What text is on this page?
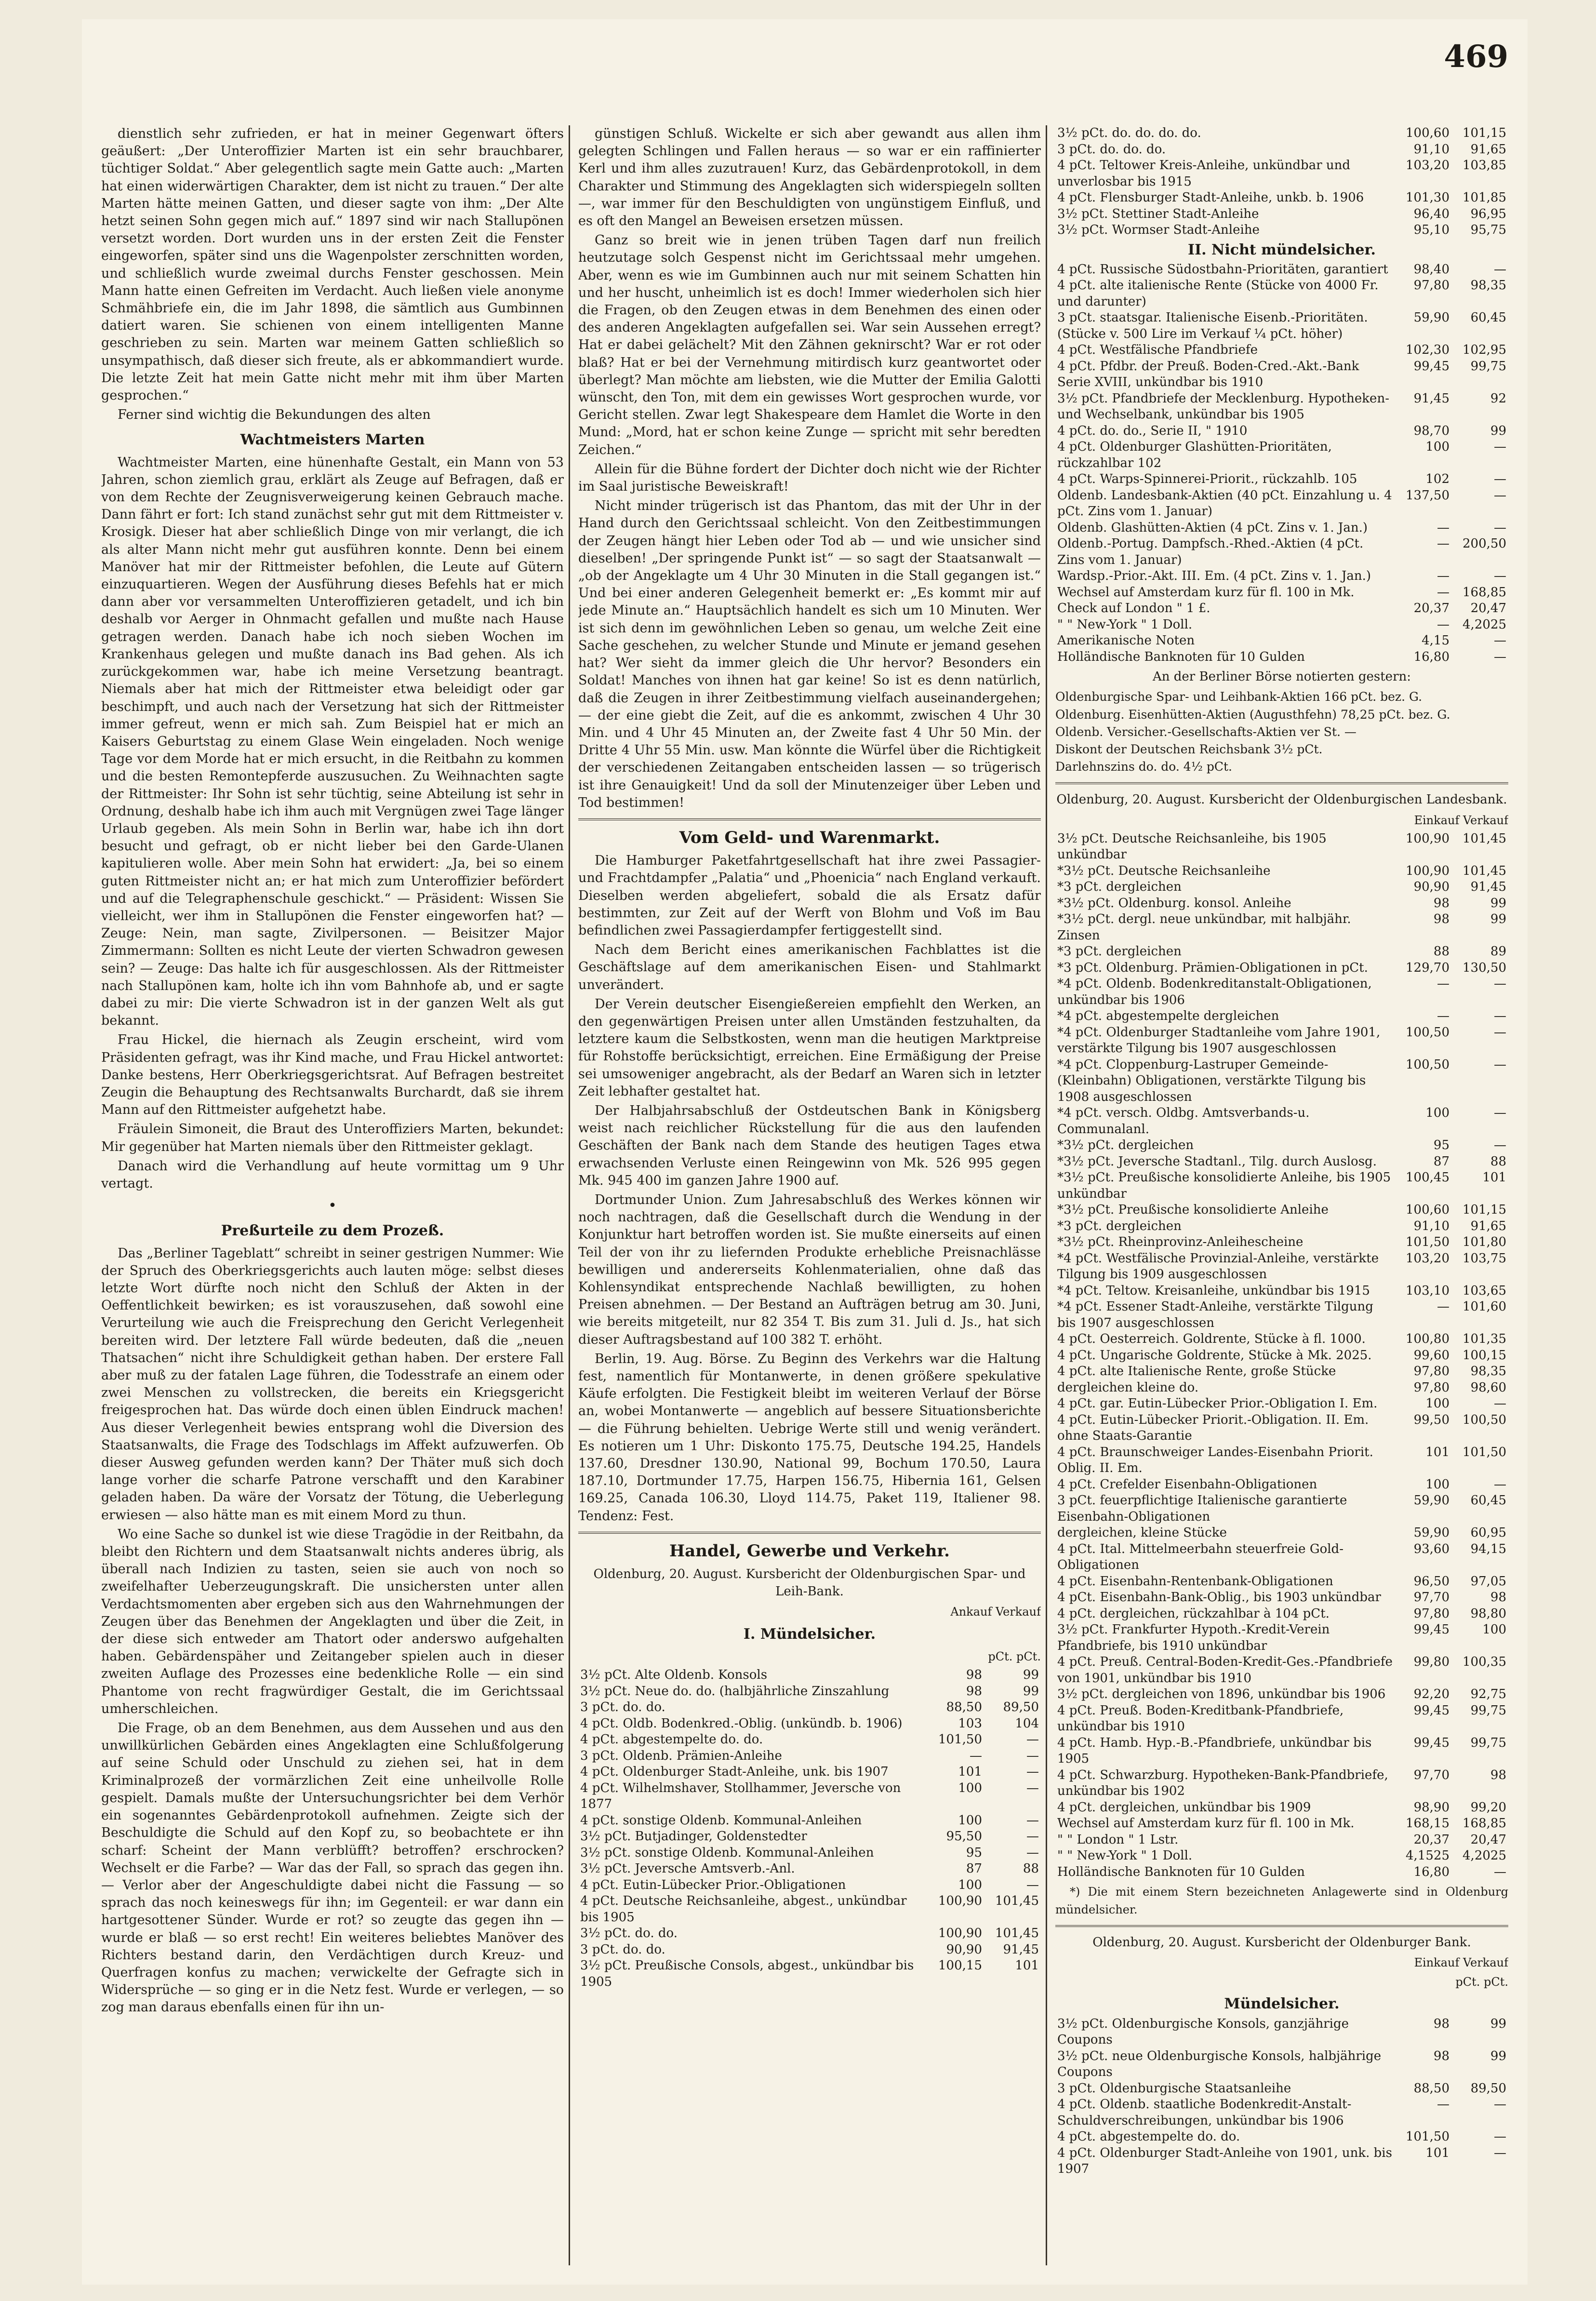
469

dienstlich sehr zufrieden, er hat in meiner Gegenwart öfters geäußert: „Der Unteroffizier Marten ist ein sehr brauchbarer, tüchtiger Soldat.“ Aber gelegentlich sagte mein Gatte auch: „Marten hat einen widerwärtigen Charakter, dem ist nicht zu trauen.“ Der alte Marten hätte meinen Gatten, und dieser sagte von ihm: „Der Alte hetzt seinen Sohn gegen mich auf.“ 1897 sind wir nach Stallupönen versetzt worden. Dort wurden uns in der ersten Zeit die Fenster eingeworfen, später sind uns die Wagenpolster zerschnitten worden, und schließlich wurde zweimal durchs Fenster geschossen. Mein Mann hatte einen Gefreiten im Verdacht. Auch ließen viele anonyme Schmähbriefe ein, die im Jahr 1898, die sämtlich aus Gumbinnen datiert waren. Sie schienen von einem intelligenten Manne geschrieben zu sein. Marten war meinem Gatten schließlich so unsympathisch, daß dieser sich freute, als er abkommandiert wurde. Die letzte Zeit hat mein Gatte nicht mehr mit ihm über Marten gesprochen.“

Ferner sind wichtig die Bekundungen des alten

Wachtmeisters Marten

Wachtmeister Marten, eine hünenhafte Gestalt, ein Mann von 53 Jahren, schon ziemlich grau, erklärt als Zeuge auf Befragen, daß er von dem Rechte der Zeugnisverweigerung keinen Gebrauch mache. Dann fährt er fort: Ich stand zunächst sehr gut mit dem Rittmeister v. Krosigk. Dieser hat aber schließlich Dinge von mir verlangt, die ich als alter Mann nicht mehr gut ausführen konnte. Denn bei einem Manöver hat mir der Rittmeister befohlen, die Leute auf Gütern einzuquartieren. Wegen der Ausführung dieses Befehls hat er mich dann aber vor versammelten Unteroffizieren getadelt, und ich bin deshalb vor Aerger in Ohnmacht gefallen und mußte nach Hause getragen werden. Danach habe ich noch sieben Wochen im Krankenhaus gelegen und mußte danach ins Bad gehen. Als ich zurückgekommen war, habe ich meine Versetzung beantragt. Niemals aber hat mich der Rittmeister etwa beleidigt oder gar beschimpft, und auch nach der Versetzung hat sich der Rittmeister immer gefreut, wenn er mich sah. Zum Beispiel hat er mich an Kaisers Geburtstag zu einem Glase Wein eingeladen. Noch wenige Tage vor dem Morde hat er mich ersucht, in die Reitbahn zu kommen und die besten Remontepferde auszusuchen. Zu Weihnachten sagte der Rittmeister: Ihr Sohn ist sehr tüchtig, seine Abteilung ist sehr in Ordnung, deshalb habe ich ihm auch mit Vergnügen zwei Tage länger Urlaub gegeben. Als mein Sohn in Berlin war, habe ich ihn dort besucht und gefragt, ob er nicht lieber bei den Garde-Ulanen kapitulieren wolle. Aber mein Sohn hat erwidert: „Ja, bei so einem guten Rittmeister nicht an; er hat mich zum Unteroffizier befördert und auf die Telegraphenschule geschickt.“ — Präsident: Wissen Sie vielleicht, wer ihm in Stallupönen die Fenster eingeworfen hat? — Zeuge: Nein, man sagte, Zivilpersonen. — Beisitzer Major Zimmermann: Sollten es nicht Leute der vierten Schwadron gewesen sein? — Zeuge: Das halte ich für ausgeschlossen. Als der Rittmeister nach Stallupönen kam, holte ich ihn vom Bahnhofe ab, und er sagte dabei zu mir: Die vierte Schwadron ist in der ganzen Welt als gut bekannt.

Frau Hickel, die hiernach als Zeugin erscheint, wird vom Präsidenten gefragt, was ihr Kind mache, und Frau Hickel antwortet: Danke bestens, Herr Oberkriegsgerichtsrat. Auf Befragen bestreitet Zeugin die Behauptung des Rechtsanwalts Burchardt, daß sie ihrem Mann auf den Rittmeister aufgehetzt habe.

Fräulein Simoneit, die Braut des Unteroffiziers Marten, bekundet: Mir gegenüber hat Marten niemals über den Rittmeister geklagt.

Danach wird die Verhandlung auf heute vormittag um 9 Uhr vertagt.

•
Preßurteile zu dem Prozeß.

Das „Berliner Tageblatt“ schreibt in seiner gestrigen Nummer: Wie der Spruch des Oberkriegsgerichts auch lauten möge: selbst dieses letzte Wort dürfte noch nicht den Schluß der Akten in der Oeffentlichkeit bewirken; es ist vorauszusehen, daß sowohl eine Verurteilung wie auch die Freisprechung den Gericht Verlegenheit bereiten wird. Der letztere Fall würde bedeuten, daß die „neuen Thatsachen“ nicht ihre Schuldigkeit gethan haben. Der erstere Fall aber muß zu der fatalen Lage führen, die Todesstrafe an einem oder zwei Menschen zu vollstrecken, die bereits ein Kriegsgericht freigesprochen hat. Das würde doch einen üblen Eindruck machen! Aus dieser Verlegenheit bewies entsprang wohl die Diversion des Staatsanwalts, die Frage des Todschlags im Affekt aufzuwerfen. Ob dieser Ausweg gefunden werden kann? Der Thäter muß sich doch lange vorher die scharfe Patrone verschafft und den Karabiner geladen haben. Da wäre der Vorsatz der Tötung, die Ueberlegung erwiesen — also hätte man es mit einem Mord zu thun.

Wo eine Sache so dunkel ist wie diese Tragödie in der Reitbahn, da bleibt den Richtern und dem Staatsanwalt nichts anderes übrig, als überall nach Indizien zu tasten, seien sie auch von noch so zweifelhafter Ueberzeugungskraft. Die unsichersten unter allen Verdachtsmomenten aber ergeben sich aus den Wahrnehmungen der Zeugen über das Benehmen der Angeklagten und über die Zeit, in der diese sich entweder am Thatort oder anderswo aufgehalten haben. Gebärdenspäher und Zeitangeber spielen auch in dieser zweiten Auflage des Prozesses eine bedenkliche Rolle — ein sind Phantome von recht fragwürdiger Gestalt, die im Gerichtssaal umherschleichen.

Die Frage, ob an dem Benehmen, aus dem Aussehen und aus den unwillkürlichen Gebärden eines Angeklagten eine Schlußfolgerung auf seine Schuld oder Unschuld zu ziehen sei, hat in dem Kriminalprozeß der vormärzlichen Zeit eine unheilvolle Rolle gespielt. Damals mußte der Untersuchungsrichter bei dem Verhör ein sogenanntes Gebärdenprotokoll aufnehmen. Zeigte sich der Beschuldigte die Schuld auf den Kopf zu, so beobachtete er ihn scharf: Scheint der Mann verblüfft? betroffen? erschrocken? Wechselt er die Farbe? — War das der Fall, so sprach das gegen ihn. — Verlor aber der Angeschuldigte dabei nicht die Fassung — so sprach das noch keineswegs für ihn; im Gegenteil: er war dann ein hartgesottener Sünder. Wurde er rot? so zeugte das gegen ihn — wurde er blaß — so erst recht! Ein weiteres beliebtes Manöver des Richters bestand darin, den Verdächtigen durch Kreuz- und Querfragen konfus zu machen; verwickelte der Gefragte sich in Widersprüche — so ging er in die Netz fest. Wurde er verlegen, — so zog man daraus ebenfalls einen für ihn un-

günstigen Schluß. Wickelte er sich aber gewandt aus allen ihm gelegten Schlingen und Fallen heraus — so war er ein raffinierter Kerl und ihm alles zuzutrauen! Kurz, das Gebärdenprotokoll, in dem Charakter und Stimmung des Angeklagten sich widerspiegeln sollten —, war immer für den Beschuldigten von ungünstigem Einfluß, und es oft den Mangel an Beweisen ersetzen müssen.

Ganz so breit wie in jenen trüben Tagen darf nun freilich heutzutage solch Gespenst nicht im Gerichtssaal mehr umgehen. Aber, wenn es wie im Gumbinnen auch nur mit seinem Schatten hin und her huscht, unheimlich ist es doch! Immer wiederholen sich hier die Fragen, ob den Zeugen etwas in dem Benehmen des einen oder des anderen Angeklagten aufgefallen sei. War sein Aussehen erregt? Hat er dabei gelächelt? Mit den Zähnen geknirscht? War er rot oder blaß? Hat er bei der Vernehmung mitirdisch kurz geantwortet oder überlegt? Man möchte am liebsten, wie die Mutter der Emilia Galotti wünscht, den Ton, mit dem ein gewisses Wort gesprochen wurde, vor Gericht stellen. Zwar legt Shakespeare dem Hamlet die Worte in den Mund: „Mord, hat er schon keine Zunge — spricht mit sehr beredten Zeichen.“

Allein für die Bühne fordert der Dichter doch nicht wie der Richter im Saal juristische Beweiskraft!

Nicht minder trügerisch ist das Phantom, das mit der Uhr in der Hand durch den Gerichtssaal schleicht. Von den Zeitbestimmungen der Zeugen hängt hier Leben oder Tod ab — und wie unsicher sind dieselben! „Der springende Punkt ist“ — so sagt der Staatsanwalt — „ob der Angeklagte um 4 Uhr 30 Minuten in die Stall gegangen ist.“ Und bei einer anderen Gelegenheit bemerkt er: „Es kommt mir auf jede Minute an.“ Hauptsächlich handelt es sich um 10 Minuten. Wer ist sich denn im gewöhnlichen Leben so genau, um welche Zeit eine Sache geschehen, zu welcher Stunde und Minute er jemand gesehen hat? Wer sieht da immer gleich die Uhr hervor? Besonders ein Soldat! Manches von ihnen hat gar keine! So ist es denn natürlich, daß die Zeugen in ihrer Zeitbestimmung vielfach auseinandergehen; — der eine giebt die Zeit, auf die es ankommt, zwischen 4 Uhr 30 Min. und 4 Uhr 45 Minuten an, der Zweite fast 4 Uhr 50 Min. der Dritte 4 Uhr 55 Min. usw. Man könnte die Würfel über die Richtigkeit der verschiedenen Zeitangaben entscheiden lassen — so trügerisch ist ihre Genauigkeit! Und da soll der Minutenzeiger über Leben und Tod bestimmen!

Vom Geld- und Warenmarkt.

Die Hamburger Paketfahrtgesellschaft hat ihre zwei Passagier- und Frachtdampfer „Palatia“ und „Phoenicia“ nach England verkauft. Dieselben werden abgeliefert, sobald die als Ersatz dafür bestimmten, zur Zeit auf der Werft von Blohm und Voß im Bau befindlichen zwei Passagierdampfer fertiggestellt sind.

Nach dem Bericht eines amerikanischen Fachblattes ist die Geschäftslage auf dem amerikanischen Eisen- und Stahlmarkt unverändert.

Der Verein deutscher Eisengießereien empfiehlt den Werken, an den gegenwärtigen Preisen unter allen Umständen festzuhalten, da letztere kaum die Selbstkosten, wenn man die heutigen Marktpreise für Rohstoffe berücksichtigt, erreichen. Eine Ermäßigung der Preise sei umsoweniger angebracht, als der Bedarf an Waren sich in letzter Zeit lebhafter gestaltet hat.

Der Halbjahrsabschluß der Ostdeutschen Bank in Königsberg weist nach reichlicher Rückstellung für die aus den laufenden Geschäften der Bank nach dem Stande des heutigen Tages etwa erwachsenden Verluste einen Reingewinn von Mk. 526 995 gegen Mk. 945 400 im ganzen Jahre 1900 auf.

Dortmunder Union. Zum Jahresabschluß des Werkes können wir noch nachtragen, daß die Gesellschaft durch die Wendung in der Konjunktur hart betroffen worden ist. Sie mußte einerseits auf einen Teil der von ihr zu liefernden Produkte erhebliche Preisnachlässe bewilligen und andererseits Kohlenmaterialien, ohne daß das Kohlensyndikat entsprechende Nachlaß bewilligten, zu hohen Preisen abnehmen. — Der Bestand an Aufträgen betrug am 30. Juni, wie bereits mitgeteilt, nur 82 354 T. Bis zum 31. Juli d. Js., hat sich dieser Auftragsbestand auf 100 382 T. erhöht.

Berlin, 19. Aug. Börse. Zu Beginn des Verkehrs war die Haltung fest, namentlich für Montanwerte, in denen größere spekulative Käufe erfolgten. Die Festigkeit bleibt im weiteren Verlauf der Börse an, wobei Montanwerte — angeblich auf bessere Situationsberichte — die Führung behielten. Uebrige Werte still und wenig verändert. Es notieren um 1 Uhr: Diskonto 175.75, Deutsche 194.25, Handels 137.60, Dresdner 130.90, National 99, Bochum 170.50, Laura 187.10, Dortmunder 17.75, Harpen 156.75, Hibernia 161, Gelsen 169.25, Canada 106.30, Lloyd 114.75, Paket 119, Italiener 98. Tendenz: Fest.

Handel, Gewerbe und Verkehr.
Oldenburg, 20. August. Kursbericht der Oldenburgischen Spar- und Leih-Bank.
Ankauf Verkauf
I. Mündelsicher.
pCt. pCt.
3½ pCt. Alte Oldenb. Konsols	98	99
3½ pCt. Neue do. do. (halbjährliche Zinszahlung	98	99
3 pCt. do. do.	88,50	89,50
4 pCt. Oldb. Bodenkred.-Oblig. (unkündb. b. 1906)	103	104
4 pCt. abgestempelte do. do.	101,50	—
3 pCt. Oldenb. Prämien-Anleihe	—	—
4 pCt. Oldenburger Stadt-Anleihe, unk. bis 1907	101	—
4 pCt. Wilhelmshaver, Stollhammer, Jeversche von 1877	100	—
4 pCt. sonstige Oldenb. Kommunal-Anleihen	100	—
3½ pCt. Butjadinger, Goldenstedter	95,50	—
3½ pCt. sonstige Oldenb. Kommunal-Anleihen	95	—
3½ pCt. Jeversche Amtsverb.-Anl.	87	88
4 pCt. Eutin-Lübecker Prior.-Obligationen	100	—
4 pCt. Deutsche Reichsanleihe, abgest., unkündbar bis 1905	100,90	101,45
3½ pCt. do. do.	100,90	101,45
3 pCt. do. do.	90,90	91,45
3½ pCt. Preußische Consols, abgest., unkündbar bis 1905	100,15	101
3½ pCt. do. do. do. do.	100,60	101,15
3 pCt. do. do. do.	91,10	91,65
4 pCt. Teltower Kreis-Anleihe, unkündbar und unverlosbar bis 1915	103,20	103,85
4 pCt. Flensburger Stadt-Anleihe, unkb. b. 1906	101,30	101,85
3½ pCt. Stettiner Stadt-Anleihe	96,40	96,95
3½ pCt. Wormser Stadt-Anleihe	95,10	95,75
II. Nicht mündelsicher.
4 pCt. Russische Südostbahn-Prioritäten, garantiert	98,40	—
4 pCt. alte italienische Rente (Stücke von 4000 Fr. und darunter)	97,80	98,35
3 pCt. staatsgar. Italienische Eisenb.-Prioritäten. (Stücke v. 500 Lire im Verkauf ¼ pCt. höher)	59,90	60,45
4 pCt. Westfälische Pfandbriefe	102,30	102,95
4 pCt. Pfdbr. der Preuß. Boden-Cred.-Akt.-Bank Serie XVIII, unkündbar bis 1910	99,45	99,75
3½ pCt. Pfandbriefe der Mecklenburg. Hypotheken- und Wechselbank, unkündbar bis 1905	91,45	92
4 pCt. do. do., Serie II, " 1910	98,70	99
4 pCt. Oldenburger Glashütten-Prioritäten, rückzahlbar 102	100	—
4 pCt. Warps-Spinnerei-Priorit., rückzahlb. 105	102	—
Oldenb. Landesbank-Aktien (40 pCt. Einzahlung u. 4 pCt. Zins vom 1. Januar)	137,50	—
Oldenb. Glashütten-Aktien (4 pCt. Zins v. 1. Jan.)	—	—
Oldenb.-Portug. Dampfsch.-Rhed.-Aktien (4 pCt. Zins vom 1. Januar)	—	200,50
Wardsp.-Prior.-Akt. III. Em. (4 pCt. Zins v. 1. Jan.)	—	—
Wechsel auf Amsterdam kurz für fl. 100 in Mk.	—	168,85
Check auf London " 1 £.	20,37	20,47
" " New-York " 1 Doll.	—	4,2025
Amerikanische Noten	4,15	—
Holländische Banknoten für 10 Gulden	16,80	—
An der Berliner Börse notierten gestern:
Oldenburgische Spar- und Leihbank-Aktien 166 pCt. bez. G.
Oldenburg. Eisenhütten-Aktien (Augusthfehn) 78,25 pCt. bez. G.
Oldenb. Versicher.-Gesellschafts-Aktien ver St. —
Diskont der Deutschen Reichsbank 3½ pCt.
Darlehnszins do. do. 4½ pCt.
Oldenburg, 20. August. Kursbericht der Oldenburgischen Landesbank.
Einkauf Verkauf
3½ pCt. Deutsche Reichsanleihe, bis 1905 unkündbar	100,90	101,45
*3½ pCt. Deutsche Reichsanleihe	100,90	101,45
*3 pCt. dergleichen	90,90	91,45
*3½ pCt. Oldenburg. konsol. Anleihe	98	99
*3½ pCt. dergl. neue unkündbar, mit halbjähr. Zinsen	98	99
*3 pCt. dergleichen	88	89
*3 pCt. Oldenburg. Prämien-Obligationen in pCt.	129,70	130,50
*4 pCt. Oldenb. Bodenkreditanstalt-Obligationen, unkündbar bis 1906	—	—
*4 pCt. abgestempelte dergleichen	—	—
*4 pCt. Oldenburger Stadtanleihe vom Jahre 1901, verstärkte Tilgung bis 1907 ausgeschlossen	100,50	—
*4 pCt. Cloppenburg-Lastruper Gemeinde- (Kleinbahn) Obligationen, verstärkte Tilgung bis 1908 ausgeschlossen	100,50	—
*4 pCt. versch. Oldbg. Amtsverbands-u. Communalanl.	100	—
*3½ pCt. dergleichen	95	—
*3½ pCt. Jeversche Stadtanl., Tilg. durch Auslosg.	87	88
*3½ pCt. Preußische konsolidierte Anleihe, bis 1905 unkündbar	100,45	101
*3½ pCt. Preußische konsolidierte Anleihe	100,60	101,15
*3 pCt. dergleichen	91,10	91,65
*3½ pCt. Rheinprovinz-Anleihescheine	101,50	101,80
*4 pCt. Westfälische Provinzial-Anleihe, verstärkte Tilgung bis 1909 ausgeschlossen	103,20	103,75
*4 pCt. Teltow. Kreisanleihe, unkündbar bis 1915	103,10	103,65
*4 pCt. Essener Stadt-Anleihe, verstärkte Tilgung bis 1907 ausgeschlossen	—	101,60
4 pCt. Oesterreich. Goldrente, Stücke à fl. 1000.	100,80	101,35
4 pCt. Ungarische Goldrente, Stücke à Mk. 2025.	99,60	100,15
4 pCt. alte Italienische Rente, große Stücke	97,80	98,35
dergleichen kleine do.	97,80	98,60
4 pCt. gar. Eutin-Lübecker Prior.-Obligation I. Em.	100	—
4 pCt. Eutin-Lübecker Priorit.-Obligation. II. Em. ohne Staats-Garantie	99,50	100,50
4 pCt. Braunschweiger Landes-Eisenbahn Priorit. Oblig. II. Em.	101	101,50
4 pCt. Crefelder Eisenbahn-Obligationen	100	—
3 pCt. feuerpflichtige Italienische garantierte Eisenbahn-Obligationen	59,90	60,45
dergleichen, kleine Stücke	59,90	60,95
4 pCt. Ital. Mittelmeerbahn steuerfreie Gold-Obligationen	93,60	94,15
4 pCt. Eisenbahn-Rentenbank-Obligationen	96,50	97,05
4 pCt. Eisenbahn-Bank-Oblig., bis 1903 unkündbar	97,70	98
4 pCt. dergleichen, rückzahlbar à 104 pCt.	97,80	98,80
3½ pCt. Frankfurter Hypoth.-Kredit-Verein Pfandbriefe, bis 1910 unkündbar	99,45	100
4 pCt. Preuß. Central-Boden-Kredit-Ges.-Pfandbriefe von 1901, unkündbar bis 1910	99,80	100,35
3½ pCt. dergleichen von 1896, unkündbar bis 1906	92,20	92,75
4 pCt. Preuß. Boden-Kreditbank-Pfandbriefe, unkündbar bis 1910	99,45	99,75
4 pCt. Hamb. Hyp.-B.-Pfandbriefe, unkündbar bis 1905	99,45	99,75
4 pCt. Schwarzburg. Hypotheken-Bank-Pfandbriefe, unkündbar bis 1902	97,70	98
4 pCt. dergleichen, unkündbar bis 1909	98,90	99,20
Wechsel auf Amsterdam kurz für fl. 100 in Mk.	168,15	168,85
" " London " 1 Lstr.	20,37	20,47
" " New-York " 1 Doll.	4,1525	4,2025
Holländische Banknoten für 10 Gulden	16,80	—
*) Die mit einem Stern bezeichneten Anlagewerte sind in Oldenburg mündelsicher.
Oldenburg, 20. August. Kursbericht der Oldenburger Bank.
Einkauf Verkauf
pCt. pCt.
Mündelsicher.
3½ pCt. Oldenburgische Konsols, ganzjährige Coupons	98	99
3½ pCt. neue Oldenburgische Konsols, halbjährige Coupons	98	99
3 pCt. Oldenburgische Staatsanleihe	88,50	89,50
4 pCt. Oldenb. staatliche Bodenkredit-Anstalt-Schuldverschreibungen, unkündbar bis 1906	—	—
4 pCt. abgestempelte do. do.	101,50	—
4 pCt. Oldenburger Stadt-Anleihe von 1901, unk. bis 1907	101	—
